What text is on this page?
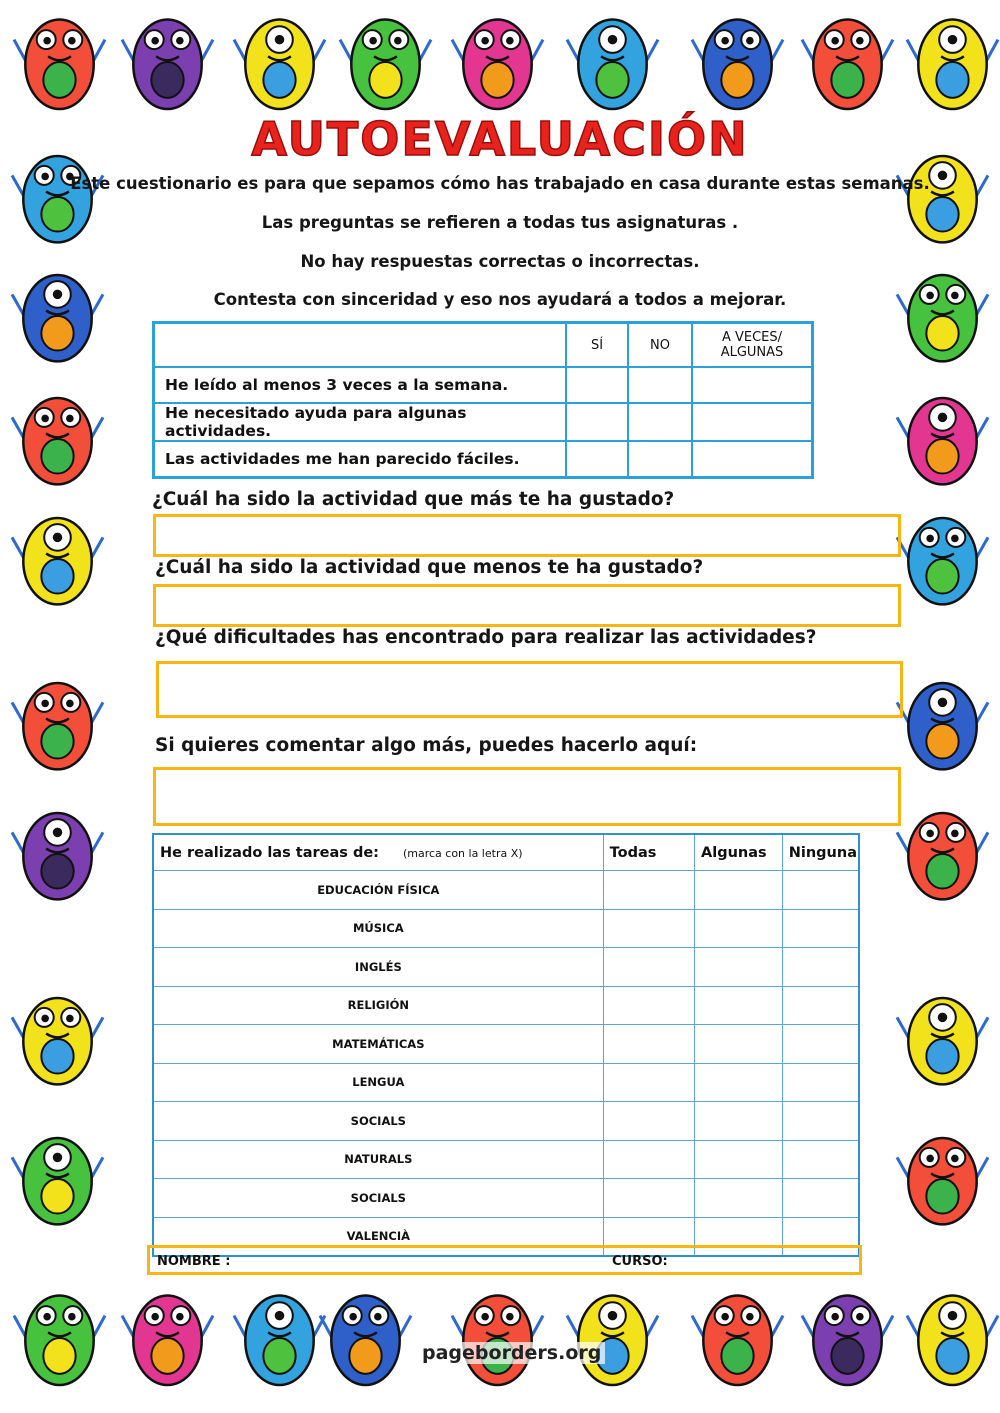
AUTOEVALUACIÓN
Este cuestionario es para que sepamos cómo has trabajado en casa durante estas semanas.
Las preguntas se refieren a todas tus asignaturas .
No hay respuestas correctas o incorrectas.
Contesta con sinceridad y eso nos ayudará a todos a mejorar.
	SÍ	NO	A VECES/ ALGUNAS
He leído al menos 3 veces a la semana.			
He necesitado ayuda para algunas actividades.			
Las actividades me han parecido fáciles.			
¿Cuál ha sido la actividad que más te ha gustado?
¿Cuál ha sido la actividad que menos te ha gustado?
¿Qué dificultades has encontrado para realizar las actividades?
Si quieres comentar algo más, puedes hacerlo aquí:
He realizado las tareas de: (marca con la letra X)	Todas	Algunas	Ninguna
EDUCACIÓN FÍSICA			
MÚSICA			
INGLÉS			
RELIGIÓN			
MATEMÁTICAS			
LENGUA			
SOCIALS			
NATURALS			
SOCIALS			
VALENCIÀ			
NOMBRE :	CURSO:
pageborders.org
